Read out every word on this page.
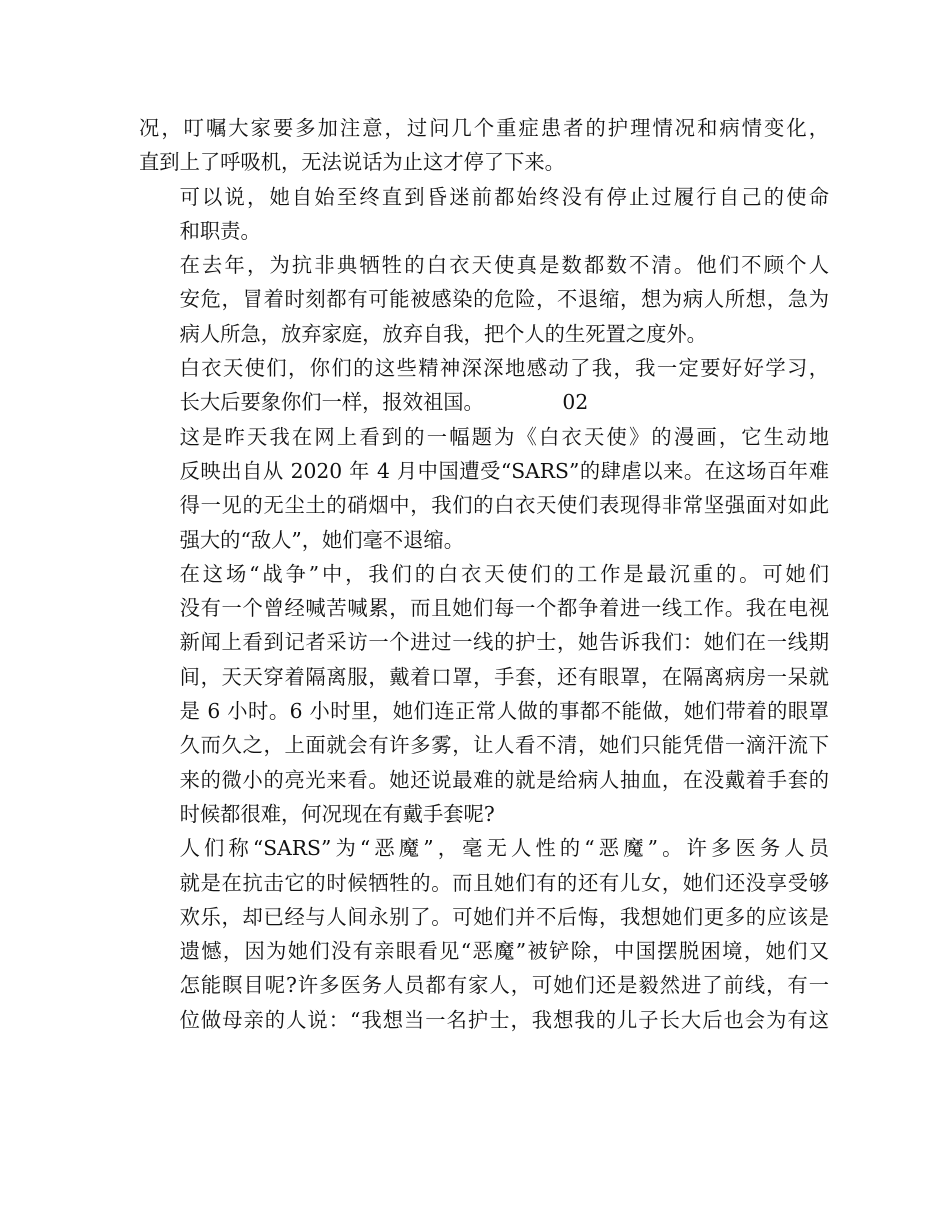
况，叮嘱大家要多加注意，过问几个重症患者的护理情况和病情变化，
直到上了呼吸机，无法说话为止这才停了下来。

可以说，她自始至终直到昏迷前都始终没有停止过履行自己的使命
和职责。

在去年，为抗非典牺牲的白衣天使真是数都数不清。他们不顾个人
安危，冒着时刻都有可能被感染的危险，不退缩，想为病人所想，急为
病人所急，放弃家庭，放弃自我，把个人的生死置之度外。

白衣天使们，你们的这些精神深深地感动了我，我一定要好好学习，
长大后要象你们一样，报效祖国。	02

这是昨天我在网上看到的一幅题为《白衣天使》的漫画，它生动地
反映出自从 2020 年 4 月中国遭受“SARS”的肆虐以来。在这场百年难
得一见的无尘土的硝烟中，我们的白衣天使们表现得非常坚强面对如此
强大的“敌人”，她们毫不退缩。

在这场“战争”中，我们的白衣天使们的工作是最沉重的。可她们
没有一个曾经喊苦喊累，而且她们每一个都争着进一线工作。我在电视
新闻上看到记者采访一个进过一线的护士，她告诉我们：她们在一线期
间，天天穿着隔离服，戴着口罩，手套，还有眼罩，在隔离病房一呆就
是 6 小时。6 小时里，她们连正常人做的事都不能做，她们带着的眼罩
久而久之，上面就会有许多雾，让人看不清，她们只能凭借一滴汗流下
来的微小的亮光来看。她还说最难的就是给病人抽血，在没戴着手套的
时候都很难，何况现在有戴手套呢?

人们称“SARS”为“恶魔”，毫无人性的“恶魔”。许多医务人员
就是在抗击它的时候牺牲的。而且她们有的还有儿女，她们还没享受够
欢乐，却已经与人间永别了。可她们并不后悔，我想她们更多的应该是
遗憾，因为她们没有亲眼看见“恶魔”被铲除，中国摆脱困境，她们又
怎能瞑目呢?许多医务人员都有家人，可她们还是毅然进了前线，有一
位做母亲的人说：“我想当一名护士，我想我的儿子长大后也会为有这
